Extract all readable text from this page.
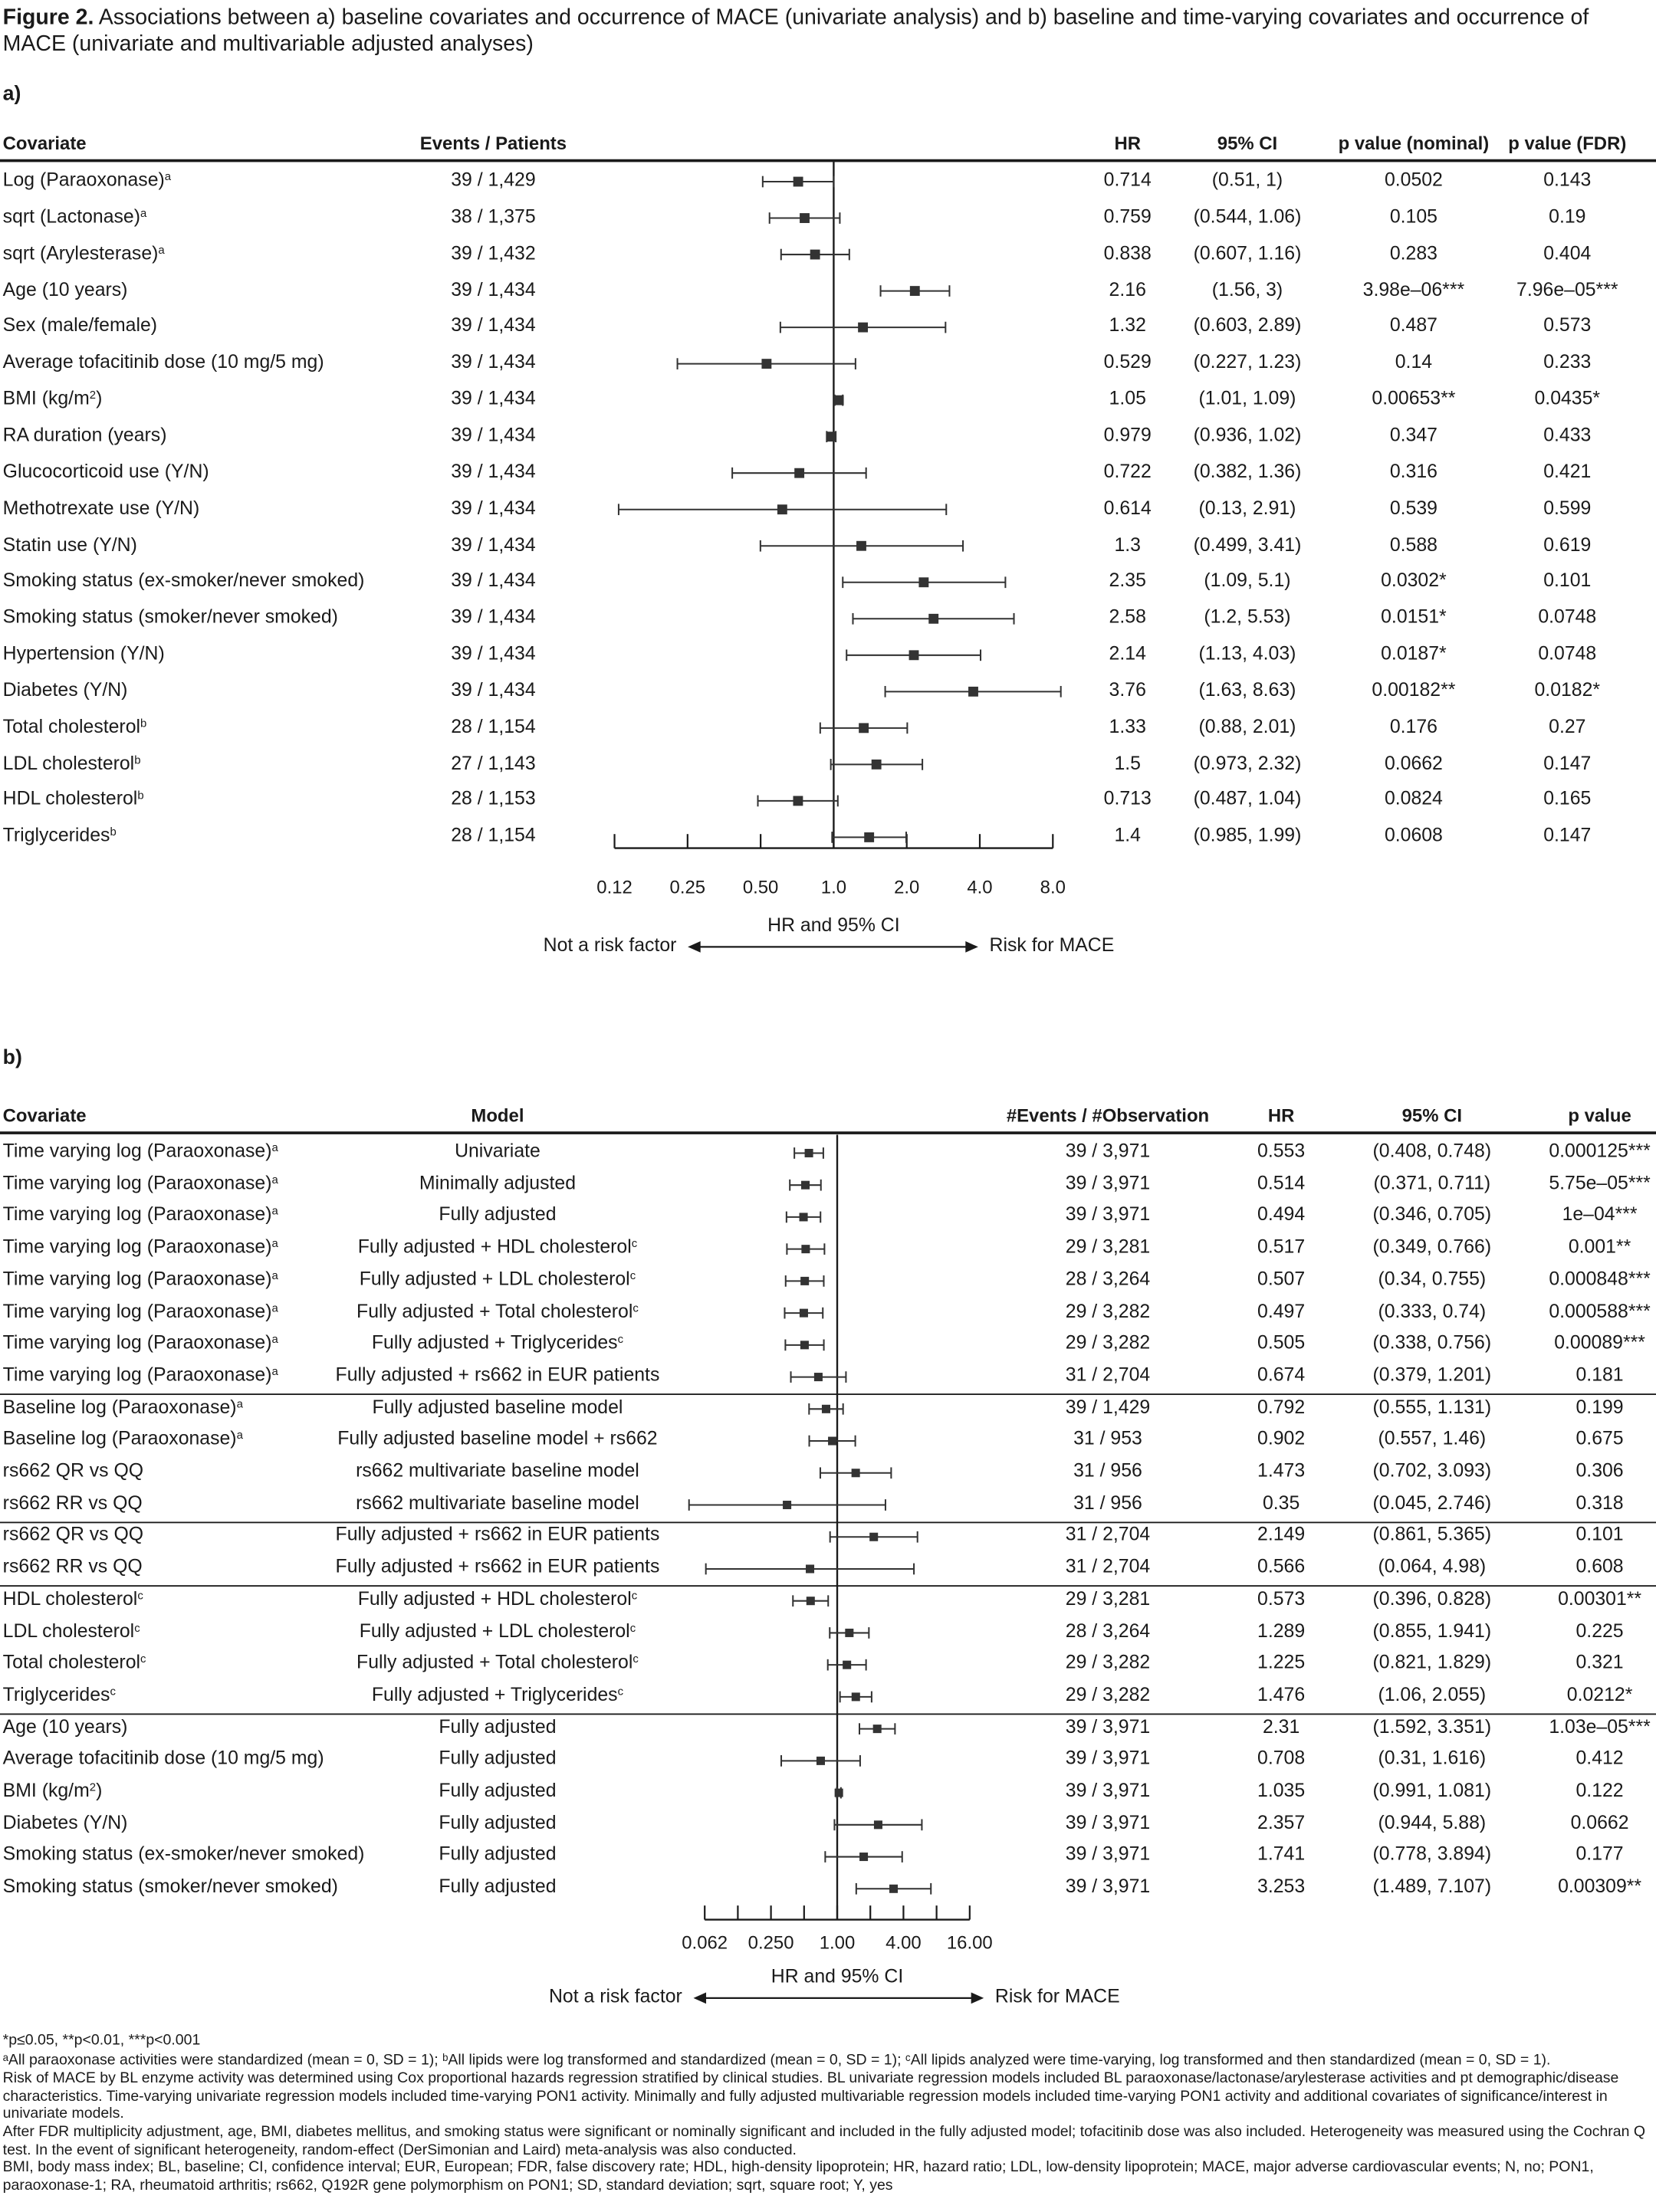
Figure 2. Associations between a) baseline covariates and occurrence of MACE (univariate analysis) and b) baseline and time-varying covariates and occurrence of MACE (univariate and multivariable adjusted analyses)
a)
b)
Covariate	Events / Patients	HR	95% CI	p value (nominal)	p value (FDR)
Log (Paraoxonase)$^a$	39 / 1,429	0.714	(0.51, 1)	0.0502	0.143
sqrt (Lactonase)$^a$	38 / 1,375	0.759	(0.544, 1.06)	0.105	0.19
sqrt (Arylesterase)$^a$	39 / 1,432	0.838	(0.607, 1.16)	0.283	0.404
Age (10 years)	39 / 1,434	2.16	(1.56, 3)	3.98e–06***	7.96e–05***
Sex (male/female)	39 / 1,434	1.32	(0.603, 2.89)	0.487	0.573
Average tofacitinib dose (10 mg/5 mg)	39 / 1,434	0.529	(0.227, 1.23)	0.14	0.233
BMI $(kg/m^2)$	39 / 1,434	1.05	(1.01, 1.09)	0.00653**	0.0435*
RA duration (years)	39 / 1,434	0.979	(0.936, 1.02)	0.347	0.433
Glucocorticoid use (Y/N)	39 / 1,434	0.722	(0.382, 1.36)	0.316	0.421
Methotrexate use (Y/N)	39 / 1,434	0.614	(0.13, 2.91)	0.539	0.599
Statin use (Y/N)	39 / 1,434	1.3	(0.499, 3.41)	0.588	0.619
Smoking status (ex-smoker/never smoked)	39 / 1,434	2.35	(1.09, 5.1)	0.0302*	0.101
Smoking status (smoker/never smoked)	39 / 1,434	2.58	(1.2, 5.53)	0.0151*	0.0748
Hypertension (Y/N)	39 / 1,434	2.14	(1.13, 4.03)	0.0187*	0.0748
Diabetes (Y/N)	39 / 1,434	3.76	(1.63, 8.63)	0.00182**	0.0182*
Total cholesterol$^b$	28 / 1,154	1.33	(0.88, 2.01)	0.176	0.27
LDL cholesterol$^b$	27 / 1,143	1.5	(0.973, 2.32)	0.0662	0.147
HDL cholesterol$^b$	28 / 1,153	0.713	(0.487, 1.04)	0.0824	0.165
Triglycerides$^b$	28 / 1,154	1.4	(0.985, 1.99)	0.0608	0.147
0.12	0.25	0.50	1.0	2.0	4.0	8.0
HR and 95% CI
Not a risk factor	Risk for MACE
Covariate	Model	#Events / #Observation	HR	95% CI	p value
Time varying log (Paraoxonase)$^a$	Univariate	39 / 3,971	0.553	(0.408, 0.748)	0.000125***
Time varying log (Paraoxonase)$^a$	Minimally adjusted	39 / 3,971	0.514	(0.371, 0.711)	5.75e–05***
Time varying log (Paraoxonase)$^a$	Fully adjusted	39 / 3,971	0.494	(0.346, 0.705)	1e–04***
Time varying log (Paraoxonase)$^a$	Fully adjusted + HDL cholesterol$^c$	29 / 3,281	0.517	(0.349, 0.766)	0.001**
Time varying log (Paraoxonase)$^a$	Fully adjusted + LDL cholesterol$^c$	28 / 3,264	0.507	(0.34, 0.755)	0.000848***
Time varying log (Paraoxonase)$^a$	Fully adjusted + Total cholesterol$^c$	29 / 3,282	0.497	(0.333, 0.74)	0.000588***
Time varying log (Paraoxonase)$^a$	Fully adjusted + Triglycerides$^c$	29 / 3,282	0.505	(0.338, 0.756)	0.00089***
Time varying log (Paraoxonase)$^a$	Fully adjusted + rs662 in EUR patients	31 / 2,704	0.674	(0.379, 1.201)	0.181
Baseline log (Paraoxonase)$^a$	Fully adjusted baseline model	39 / 1,429	0.792	(0.555, 1.131)	0.199
Baseline log (Paraoxonase)$^a$	Fully adjusted baseline model + rs662	31 / 953	0.902	(0.557, 1.46)	0.675
rs662 QR vs QQ	rs662 multivariate baseline model	31 / 956	1.473	(0.702, 3.093)	0.306
rs662 RR vs QQ	rs662 multivariate baseline model	31 / 956	0.35	(0.045, 2.746)	0.318
rs662 QR vs QQ	Fully adjusted + rs662 in EUR patients	31 / 2,704	2.149	(0.861, 5.365)	0.101
rs662 RR vs QQ	Fully adjusted + rs662 in EUR patients	31 / 2,704	0.566	(0.064, 4.98)	0.608
HDL cholesterol$^c$	Fully adjusted + HDL cholesterol$^c$	29 / 3,281	0.573	(0.396, 0.828)	0.00301**
LDL cholesterol$^c$	Fully adjusted + LDL cholesterol$^c$	28 / 3,264	1.289	(0.855, 1.941)	0.225
Total cholesterol$^c$	Fully adjusted + Total cholesterol$^c$	29 / 3,282	1.225	(0.821, 1.829)	0.321
Triglycerides$^c$	Fully adjusted + Triglycerides$^c$	29 / 3,282	1.476	(1.06, 2.055)	0.0212*
Age (10 years)	Fully adjusted	39 / 3,971	2.31	(1.592, 3.351)	1.03e–05***
Average tofacitinib dose (10 mg/5 mg)	Fully adjusted	39 / 3,971	0.708	(0.31, 1.616)	0.412
BMI $(kg/m^2)$	Fully adjusted	39 / 3,971	1.035	(0.991, 1.081)	0.122
Diabetes (Y/N)	Fully adjusted	39 / 3,971	2.357	(0.944, 5.88)	0.0662
Smoking status (ex-smoker/never smoked)	Fully adjusted	39 / 3,971	1.741	(0.778, 3.894)	0.177
Smoking status (smoker/never smoked)	Fully adjusted	39 / 3,971	3.253	(1.489, 7.107)	0.00309**
0.062	0.250	1.00	4.00	16.00
HR and 95% CI
Not a risk factor	Risk for MACE
*p≤0.05, **p<0.01, ***p<0.001
ᵃAll paraoxonase activities were standardized (mean = 0, SD = 1); ᵇAll lipids were log transformed and standardized (mean = 0, SD = 1); ᶜAll lipids analyzed were time-varying, log transformed and then standardized (mean = 0, SD = 1).
Risk of MACE by BL enzyme activity was determined using Cox proportional hazards regression stratified by clinical studies. BL univariate regression models included BL paraoxonase/lactonase/arylesterase activities and pt demographic/disease characteristics. Time-varying univariate regression models included time-varying PON1 activity. Minimally and fully adjusted multivariable regression models included time-varying PON1 activity and additional covariates of significance/interest in univariate models.
After FDR multiplicity adjustment, age, BMI, diabetes mellitus, and smoking status were significant or nominally significant and included in the fully adjusted model; tofacitinib dose was also included. Heterogeneity was measured using the Cochran Q test. In the event of significant heterogeneity, random-effect (DerSimonian and Laird) meta-analysis was also conducted.
BMI, body mass index; BL, baseline; CI, confidence interval; EUR, European; FDR, false discovery rate; HDL, high-density lipoprotein; HR, hazard ratio; LDL, low-density lipoprotein; MACE, major adverse cardiovascular events; N, no; PON1, paraoxonase-1; RA, rheumatoid arthritis; rs662, Q192R gene polymorphism on PON1; SD, standard deviation; sqrt, square root; Y, yes
